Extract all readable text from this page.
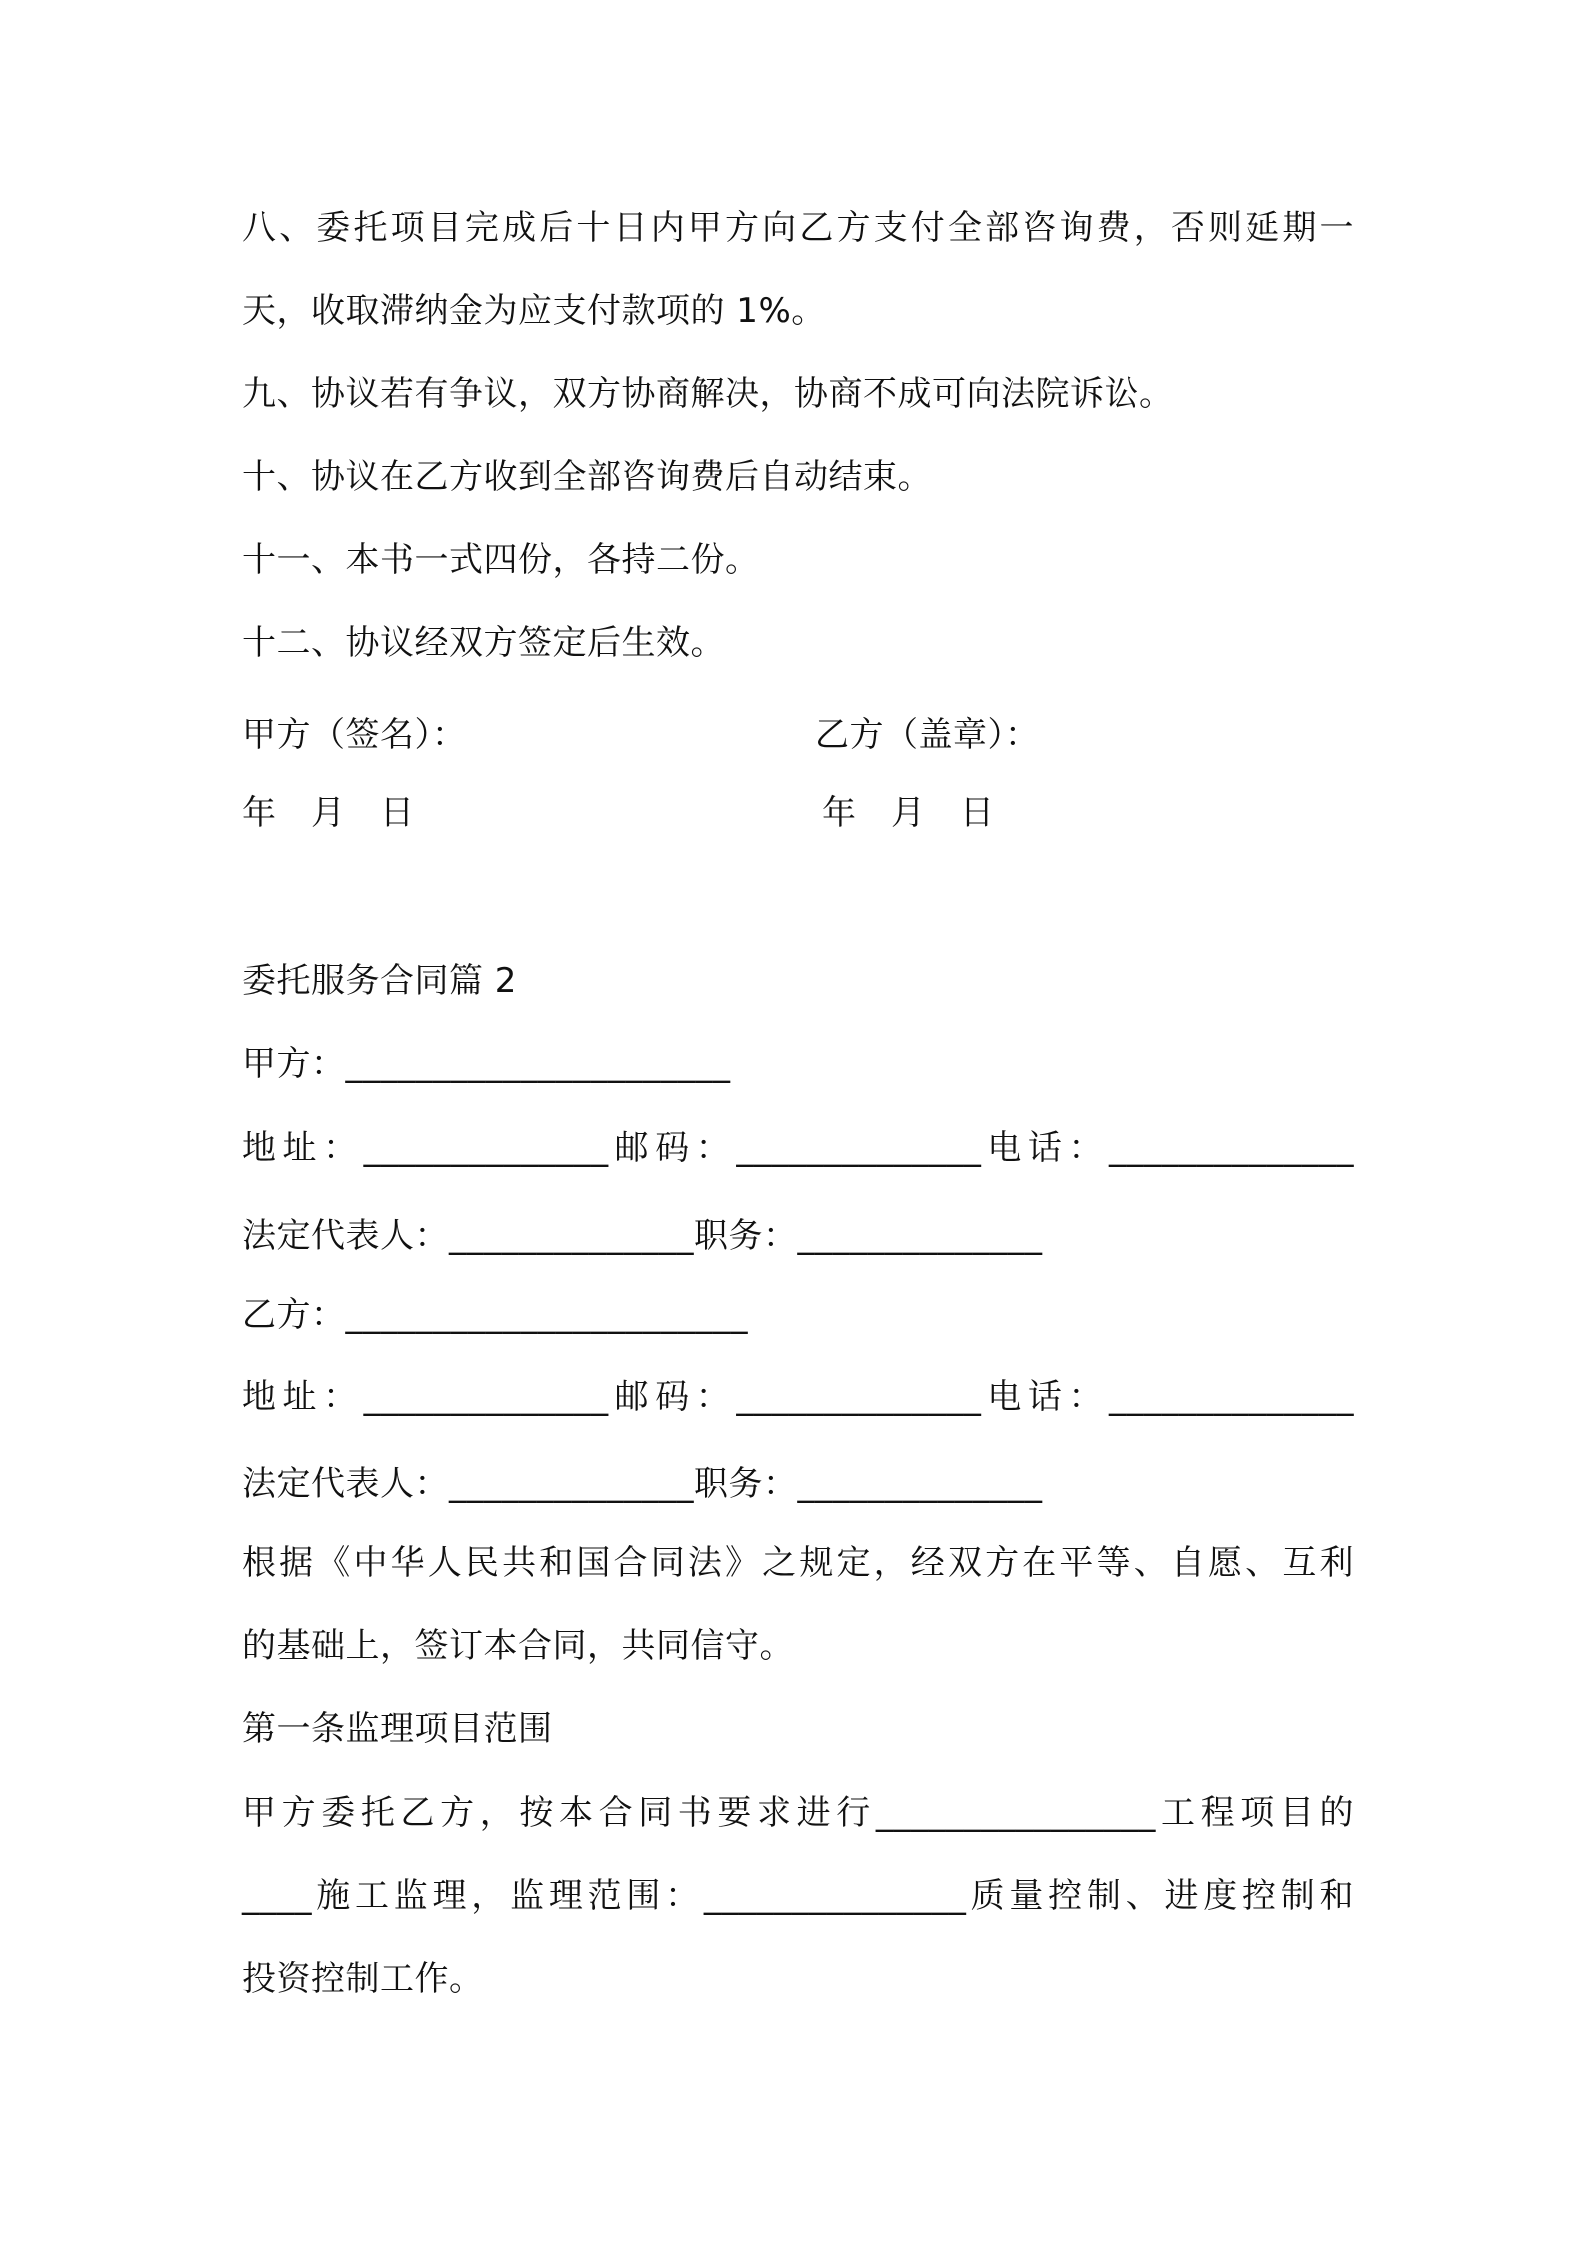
八、委托项目完成后十日内甲方向乙方支付全部咨询费，否则延期一
天，收取滞纳金为应支付款项的 1%。
九、协议若有争议，双方协商解决，协商不成可向法院诉讼。
十、协议在乙方收到全部咨询费后自动结束。
十一、本书一式四份，各持二份。
十二、协议经双方签定后生效。
甲方（签名）：	乙方（盖章）：
年　月　日	年　月　日
委托服务合同篇 2
甲方：______________________
地址：______________邮码：______________电话：______________
法定代表人：______________职务：______________
乙方：_______________________
地址：______________邮码：______________电话：______________
法定代表人：______________职务：______________
根据《中华人民共和国合同法》之规定，经双方在平等、自愿、互利
的基础上，签订本合同，共同信守。
第一条监理项目范围
甲方委托乙方，按本合同书要求进行________________工程项目的
____施工监理，监理范围：_______________质量控制、进度控制和
投资控制工作。
